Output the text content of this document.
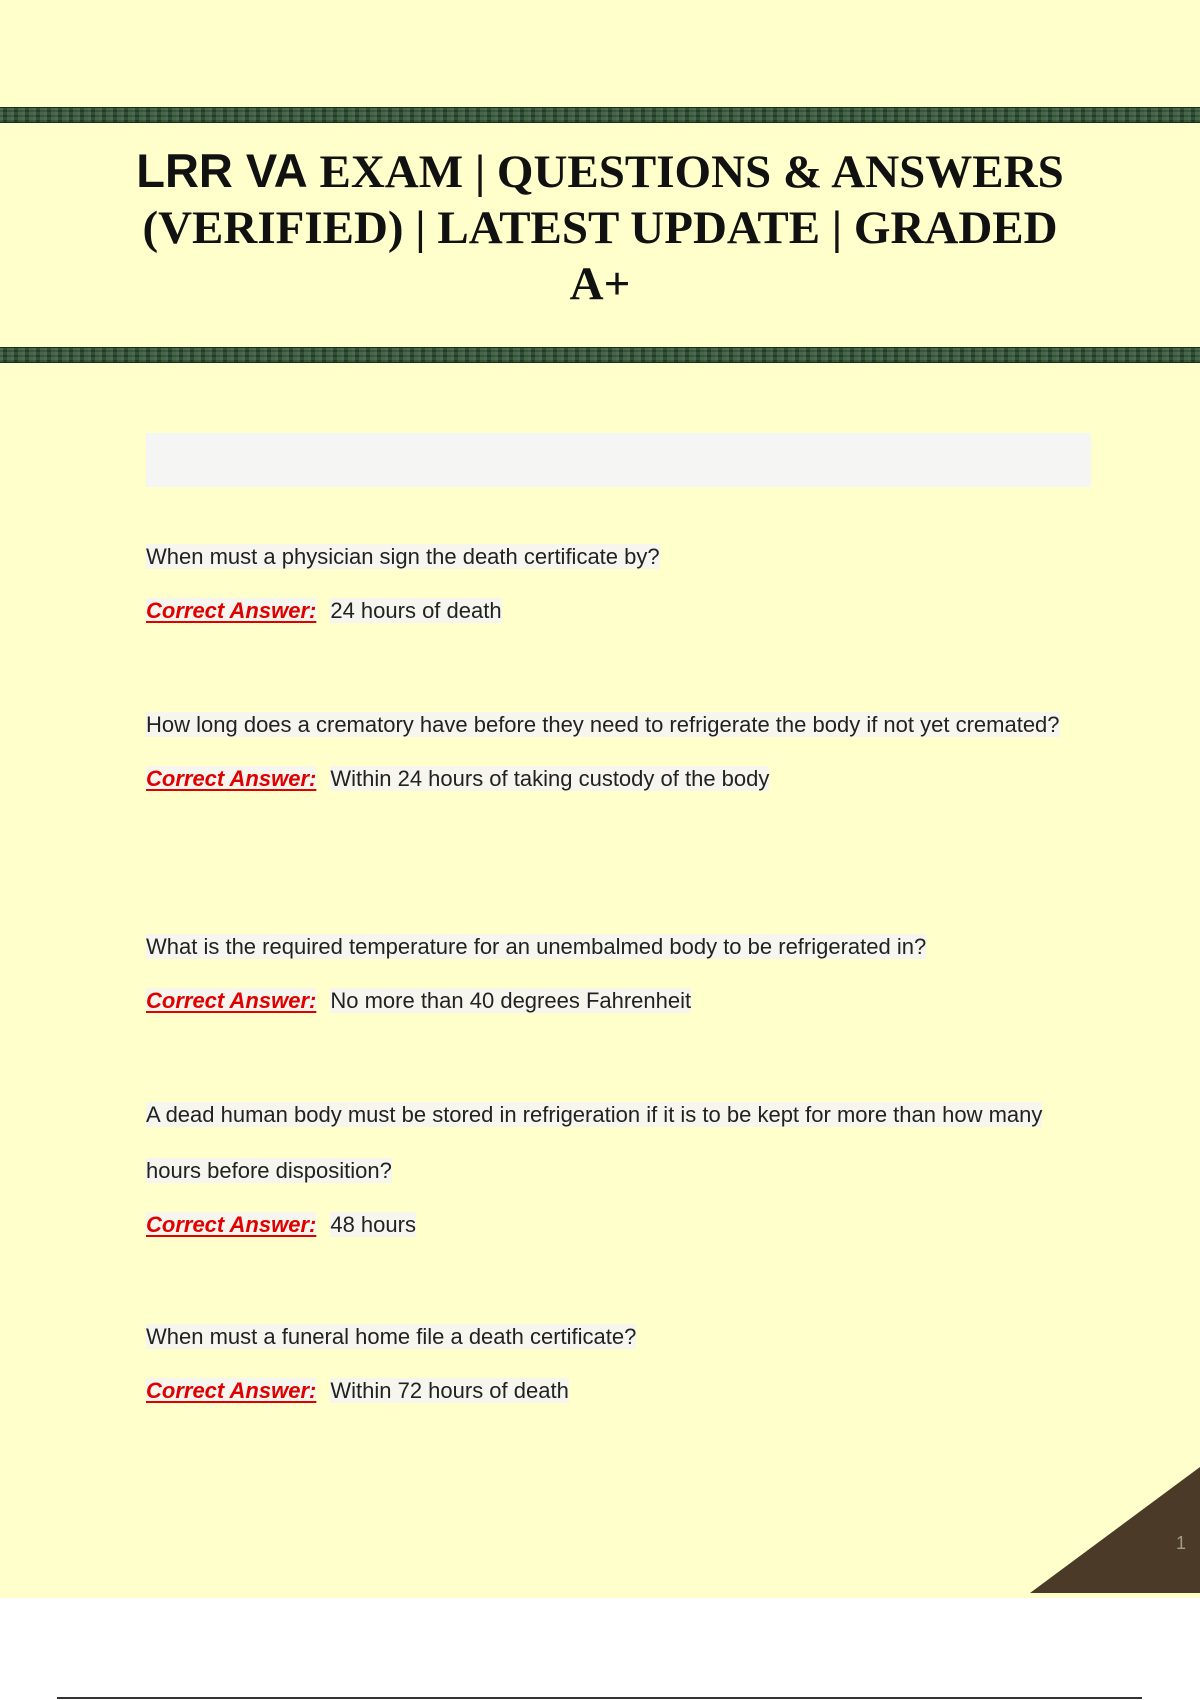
LRR VA EXAM | QUESTIONS & ANSWERS (VERIFIED) | LATEST UPDATE | GRADED A+

When must a physician sign the death certificate by?

Correct Answer: 24 hours of death

How long does a crematory have before they need to refrigerate the body if not yet cremated?

Correct Answer: Within 24 hours of taking custody of the body

What is the required temperature for an unembalmed body to be refrigerated in?

Correct Answer: No more than 40 degrees Fahrenheit

A dead human body must be stored in refrigeration if it is to be kept for more than how many hours before disposition?

Correct Answer: 48 hours

When must a funeral home file a death certificate?

Correct Answer: Within 72 hours of death

1
